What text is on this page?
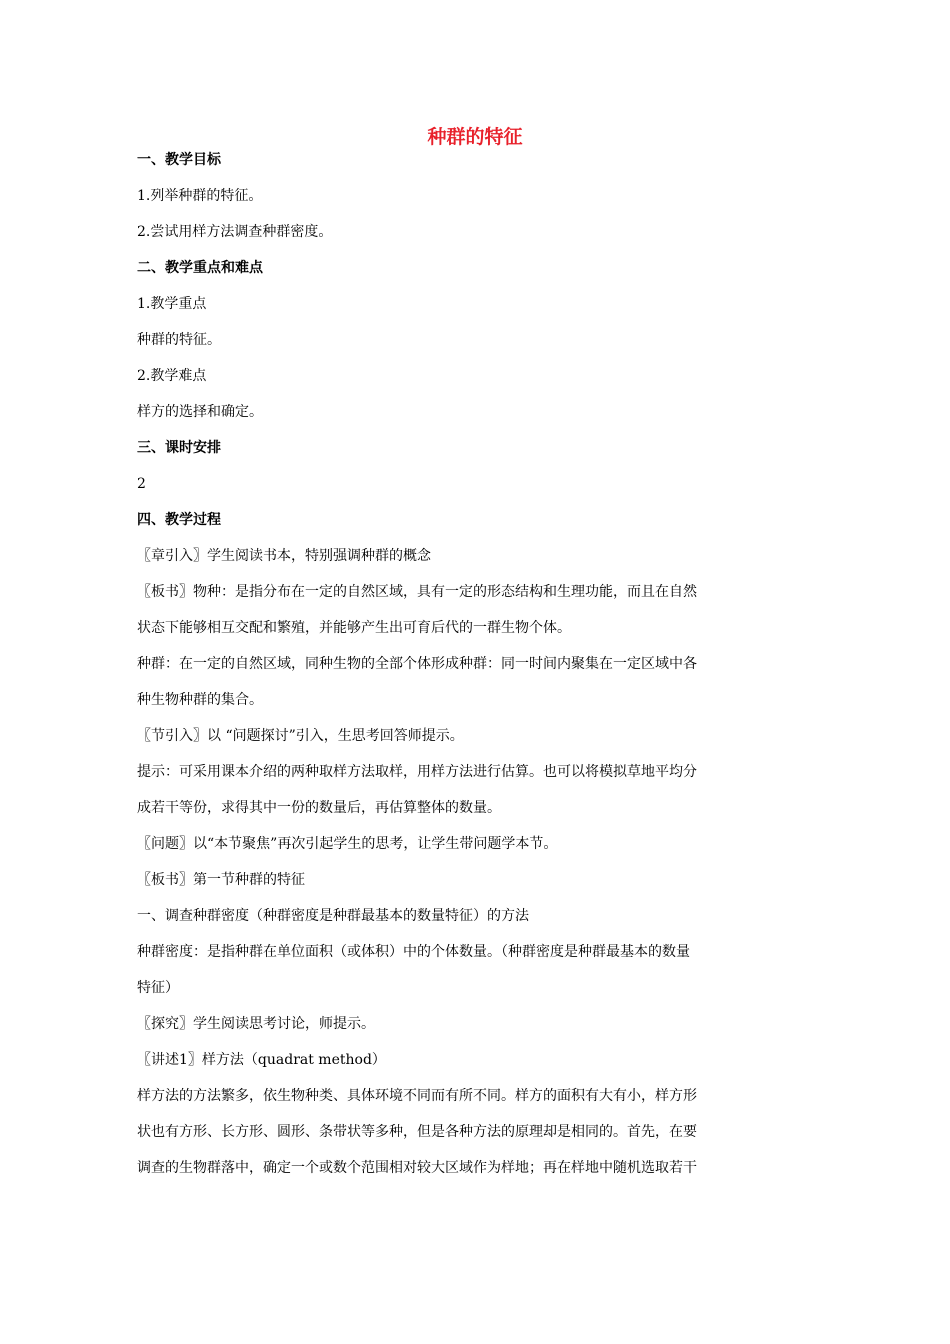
种群的特征
一、教学目标
1.列举种群的特征。
2.尝试用样方法调查种群密度。
二、教学重点和难点
1.教学重点
种群的特征。
2.教学难点
样方的选择和确定。
三、课时安排
2
四、教学过程
〖章引入〗学生阅读书本，特别强调种群的概念
〖板书〗物种：是指分布在一定的自然区域，具有一定的形态结构和生理功能，而且在自然
状态下能够相互交配和繁殖，并能够产生出可育后代的一群生物个体。
种群：在一定的自然区域，同种生物的全部个体形成种群：同一时间内聚集在一定区域中各
种生物种群的集合。
〖节引入〗以 “问题探讨”引入，生思考回答师提示。
提示：可采用课本介绍的两种取样方法取样，用样方法进行估算。也可以将模拟草地平均分
成若干等份，求得其中一份的数量后，再估算整体的数量。
〖问题〗以“本节聚焦”再次引起学生的思考，让学生带问题学本节。
〖板书〗第一节种群的特征
一、调查种群密度（种群密度是种群最基本的数量特征）的方法
种群密度：是指种群在单位面积（或体积）中的个体数量。（种群密度是种群最基本的数量
特征）
〖探究〗学生阅读思考讨论，师提示。
〖讲述1〗样方法（quadrat method）
样方法的方法繁多，依生物种类、具体环境不同而有所不同。样方的面积有大有小，样方形
状也有方形、长方形、圆形、条带状等多种，但是各种方法的原理却是相同的。首先，在要
调查的生物群落中，确定一个或数个范围相对较大区域作为样地；再在样地中随机选取若干
